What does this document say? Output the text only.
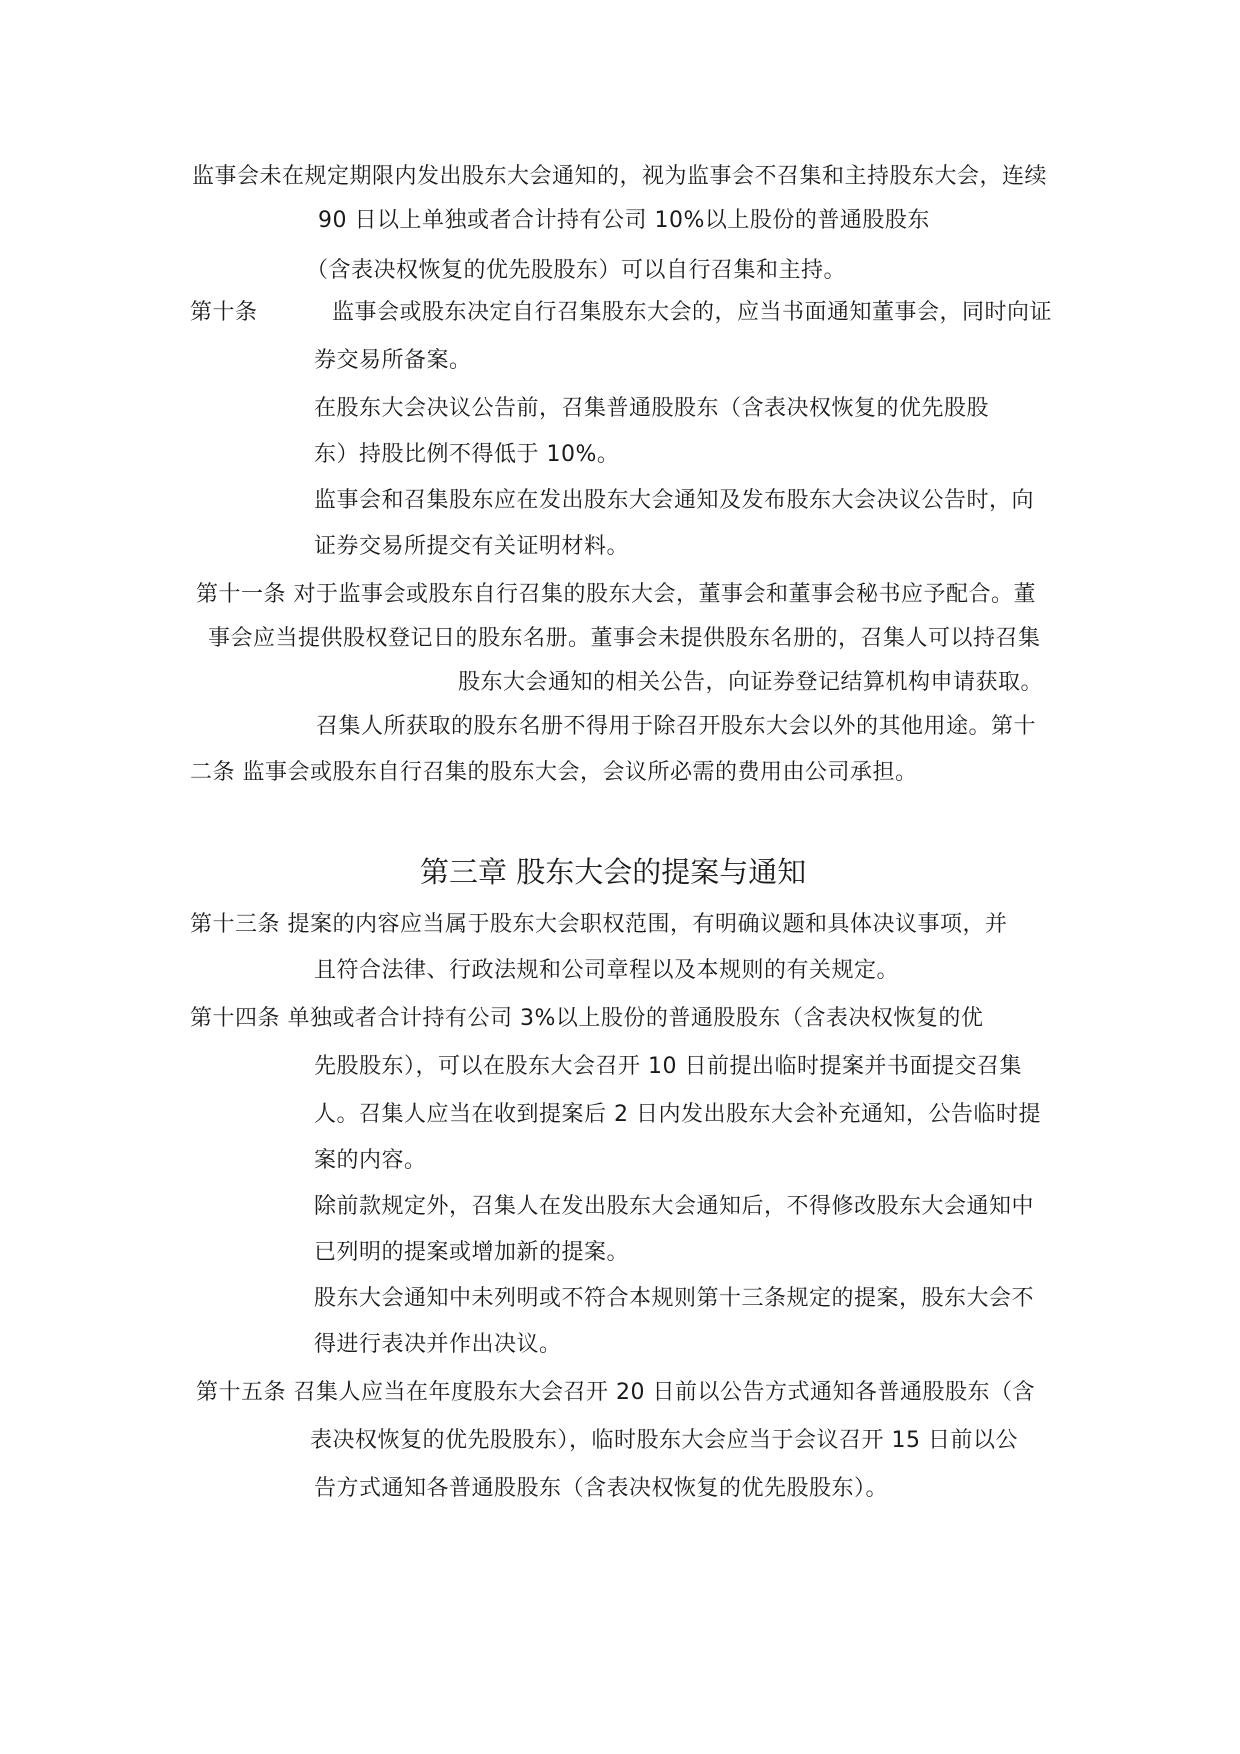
监事会未在规定期限内发出股东大会通知的，视为监事会不召集和主持股东大会，连续
90 日以上单独或者合计持有公司 10%以上股份的普通股股东
（含表决权恢复的优先股股东）可以自行召集和主持。
第十条	监事会或股东决定自行召集股东大会的，应当书面通知董事会，同时向证
券交易所备案。
在股东大会决议公告前，召集普通股股东（含表决权恢复的优先股股
东）持股比例不得低于 10%。
监事会和召集股东应在发出股东大会通知及发布股东大会决议公告时，向
证券交易所提交有关证明材料。
第十一条 对于监事会或股东自行召集的股东大会，董事会和董事会秘书应予配合。董
事会应当提供股权登记日的股东名册。董事会未提供股东名册的，召集人可以持召集
股东大会通知的相关公告，向证券登记结算机构申请获取。
召集人所获取的股东名册不得用于除召开股东大会以外的其他用途。第十
二条 监事会或股东自行召集的股东大会，会议所必需的费用由公司承担。
第三章 股东大会的提案与通知
第十三条 提案的内容应当属于股东大会职权范围，有明确议题和具体决议事项，并
且符合法律、行政法规和公司章程以及本规则的有关规定。
第十四条 单独或者合计持有公司 3%以上股份的普通股股东（含表决权恢复的优
先股股东），可以在股东大会召开 10 日前提出临时提案并书面提交召集
人。召集人应当在收到提案后 2 日内发出股东大会补充通知，公告临时提
案的内容。
除前款规定外，召集人在发出股东大会通知后，不得修改股东大会通知中
已列明的提案或增加新的提案。
股东大会通知中未列明或不符合本规则第十三条规定的提案，股东大会不
得进行表决并作出决议。
第十五条 召集人应当在年度股东大会召开 20 日前以公告方式通知各普通股股东（含
表决权恢复的优先股股东），临时股东大会应当于会议召开 15 日前以公
告方式通知各普通股股东（含表决权恢复的优先股股东）。
